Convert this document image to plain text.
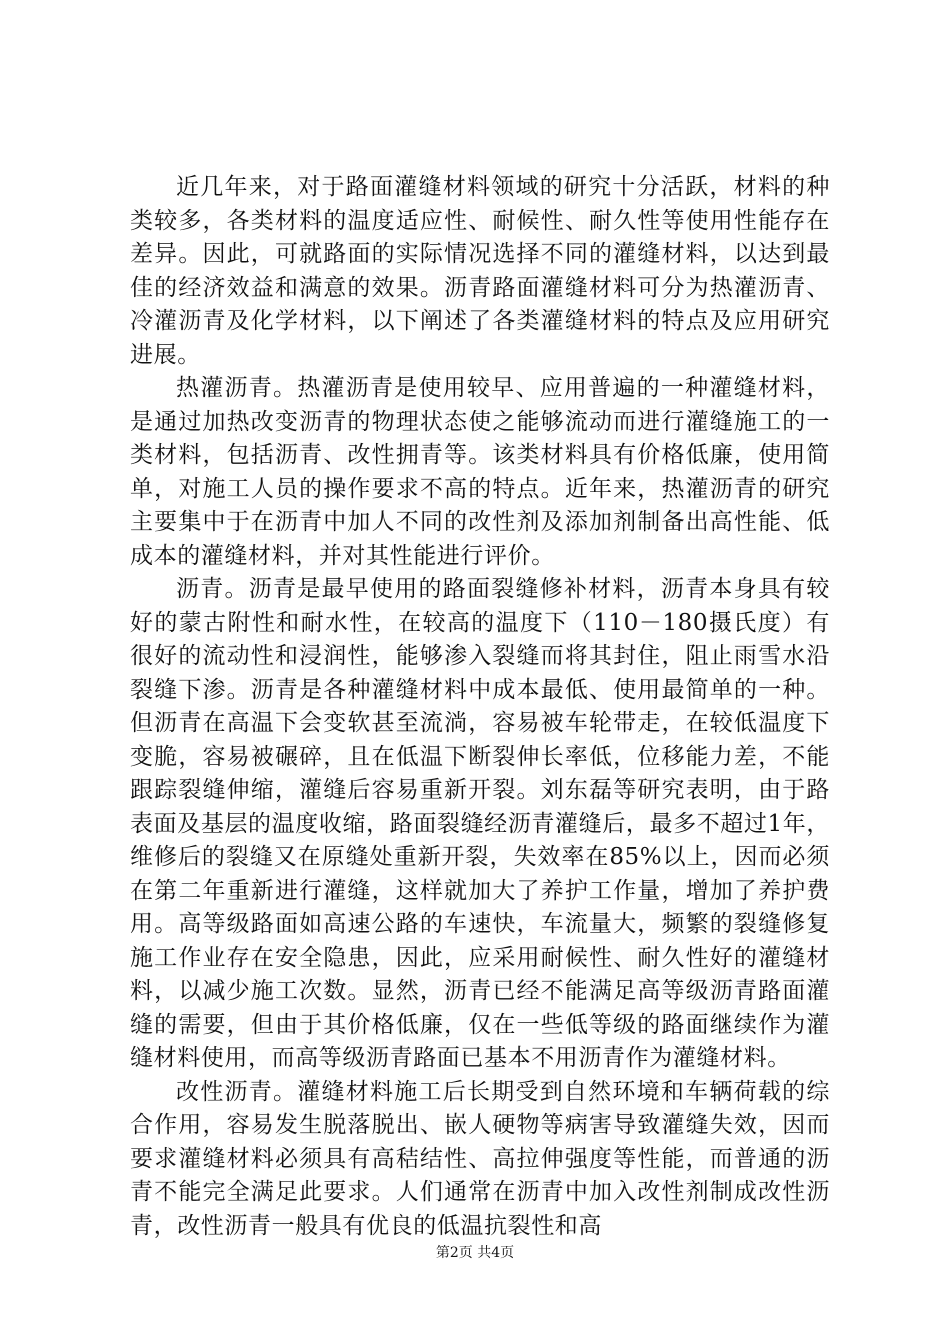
近几年来，对于路面灌缝材料领域的研究十分活跃，材料的种类较多，各类材料的温度适应性、耐候性、耐久性等使用性能存在差异。因此，可就路面的实际情况选择不同的灌缝材料，以达到最佳的经济效益和满意的效果。沥青路面灌缝材料可分为热灌沥青、冷灌沥青及化学材料，以下阐述了各类灌缝材料的特点及应用研究进展。

热灌沥青。热灌沥青是使用较早、应用普遍的一种灌缝材料，是通过加热改变沥青的物理状态使之能够流动而进行灌缝施工的一类材料，包括沥青、改性拥青等。该类材料具有价格低廉，使用简单，对施工人员的操作要求不高的特点。近年来，热灌沥青的研究主要集中于在沥青中加人不同的改性剂及添加剂制备出高性能、低成本的灌缝材料，并对其性能进行评价。

沥青。沥青是最早使用的路面裂缝修补材料，沥青本身具有较好的蒙古附性和耐水性，在较高的温度下（110－180摄氏度）有很好的流动性和浸润性，能够渗入裂缝而将其封住，阻止雨雪水沿裂缝下渗。沥青是各种灌缝材料中成本最低、使用最简单的一种。但沥青在高温下会变软甚至流淌，容易被车轮带走，在较低温度下变脆，容易被碾碎，且在低温下断裂伸长率低，位移能力差，不能跟踪裂缝伸缩，灌缝后容易重新开裂。刘东磊等研究表明，由于路表面及基层的温度收缩，路面裂缝经沥青灌缝后，最多不超过1年，维修后的裂缝又在原缝处重新开裂，失效率在85%以上，因而必须在第二年重新进行灌缝，这样就加大了养护工作量，增加了养护费用。高等级路面如高速公路的车速快，车流量大，频繁的裂缝修复施工作业存在安全隐患，因此，应采用耐候性、耐久性好的灌缝材料，以减少施工次数。显然，沥青已经不能满足高等级沥青路面灌缝的需要，但由于其价格低廉，仅在一些低等级的路面继续作为灌缝材料使用，而高等级沥青路面已基本不用沥青作为灌缝材料。

改性沥青。灌缝材料施工后长期受到自然环境和车辆荷载的综合作用，容易发生脱落脱出、嵌人硬物等病害导致灌缝失效，因而要求灌缝材料必须具有高秸结性、高拉伸强度等性能，而普通的沥青不能完全满足此要求。人们通常在沥青中加入改性剂制成改性沥青，改性沥青一般具有优良的低温抗裂性和高

第2页 共4页
